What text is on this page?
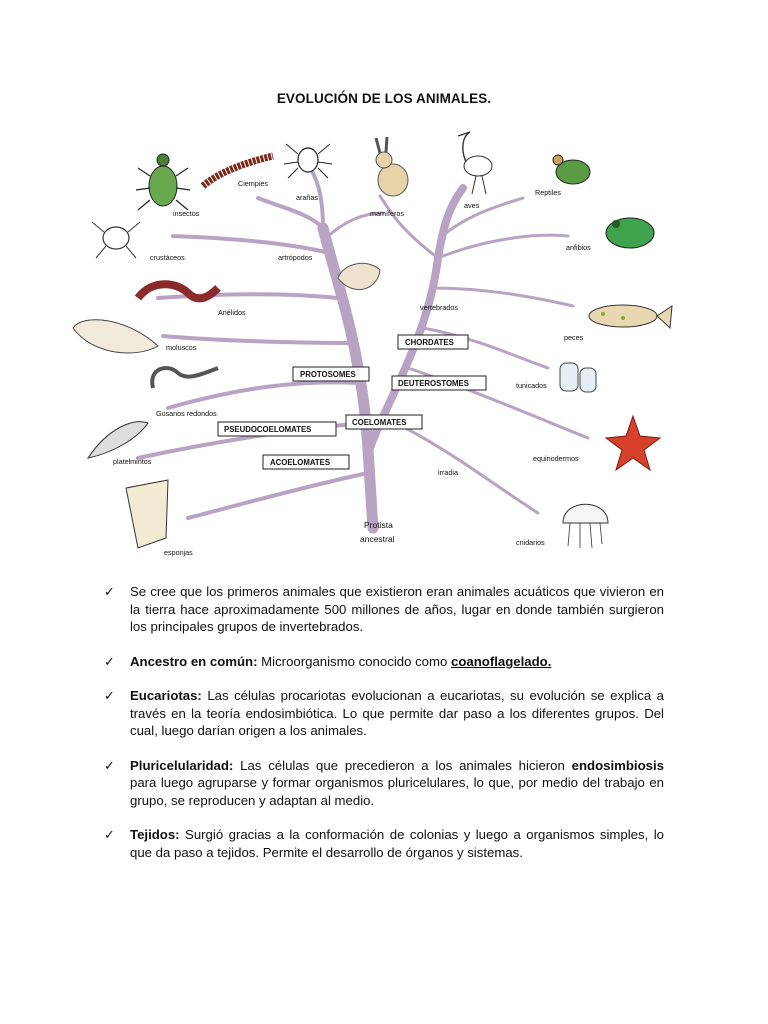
EVOLUCIÓN DE LOS ANIMALES.
Ciempies
arañas
insectos	mamíferos
aves
Reptiles
crustáceos	artrópodos
anfibios
Anélidos
vertebrados
moluscos
peces
tunicados
Gusanos redondos
platelmintos	equinodermos
irradia
esponjas
cnidarios
CHORDATES
PROTOSOMES
DEUTEROSTOMES
COELOMATES
PSEUDOCOELOMATES
ACOELOMATES
Protista
ancestral
✓ Se cree que los primeros animales que existieron eran animales acuáticos que vivieron en la tierra hace aproximadamente 500 millones de años, lugar en donde también surgieron los principales grupos de invertebrados.
✓ Ancestro en común: Microorganismo conocido como coanoflagelado.
✓ Eucariotas: Las células procariotas evolucionan a eucariotas, su evolución se explica a través en la teoría endosimbiótica. Lo que permite dar paso a los diferentes grupos. Del cual, luego darían origen a los animales.
✓ Pluricelularidad: Las células que precedieron a los animales hicieron endosimbiosis para luego agruparse y formar organismos pluricelulares, lo que, por medio del trabajo en grupo, se reproducen y adaptan al medio.
✓ Tejidos: Surgió gracias a la conformación de colonias y luego a organismos simples, lo que da paso a tejidos. Permite el desarrollo de órganos y sistemas.
